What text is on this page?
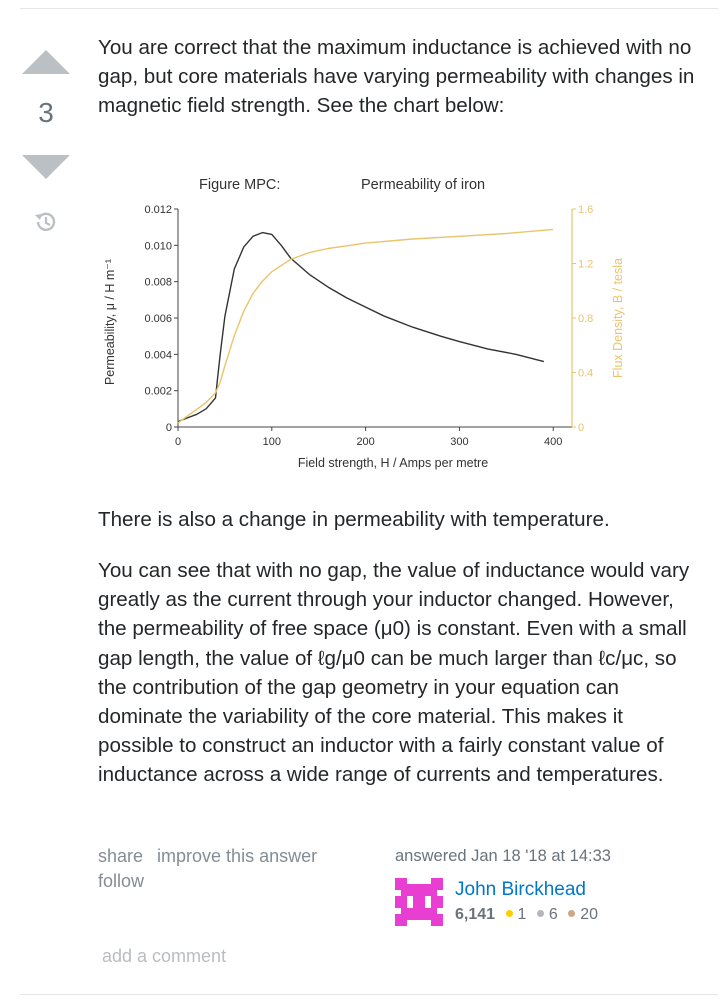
3

You are correct that the maximum inductance is achieved with no gap, but core materials have varying permeability with changes in magnetic field strength. See the chart below:

Figure MPC:	Permeability of iron
0
0.002
0.004
0.006
0.008
0.010
0.012
0	100	200	300	400
0
0.4
0.8
1.2
1.6
Field strength, H / Amps per metre
Permeability, μ / H m⁻¹	Flux Density, B / tesla

There is also a change in permeability with temperature.

You can see that with no gap, the value of inductance would vary greatly as the current through your inductor changed. However, the permeability of free space (μ0) is constant. Even with a small gap length, the value of ℓg/μ0 can be much larger than ℓc/μc, so the contribution of the gap geometry in your equation can dominate the variability of the core material. This makes it possible to construct an inductor with a fairly constant value of inductance across a wide range of currents and temperatures.

share improve this answer
follow
answered Jan 18 '18 at 14:33
John Birckhead
6,141 1 6 20
add a comment
